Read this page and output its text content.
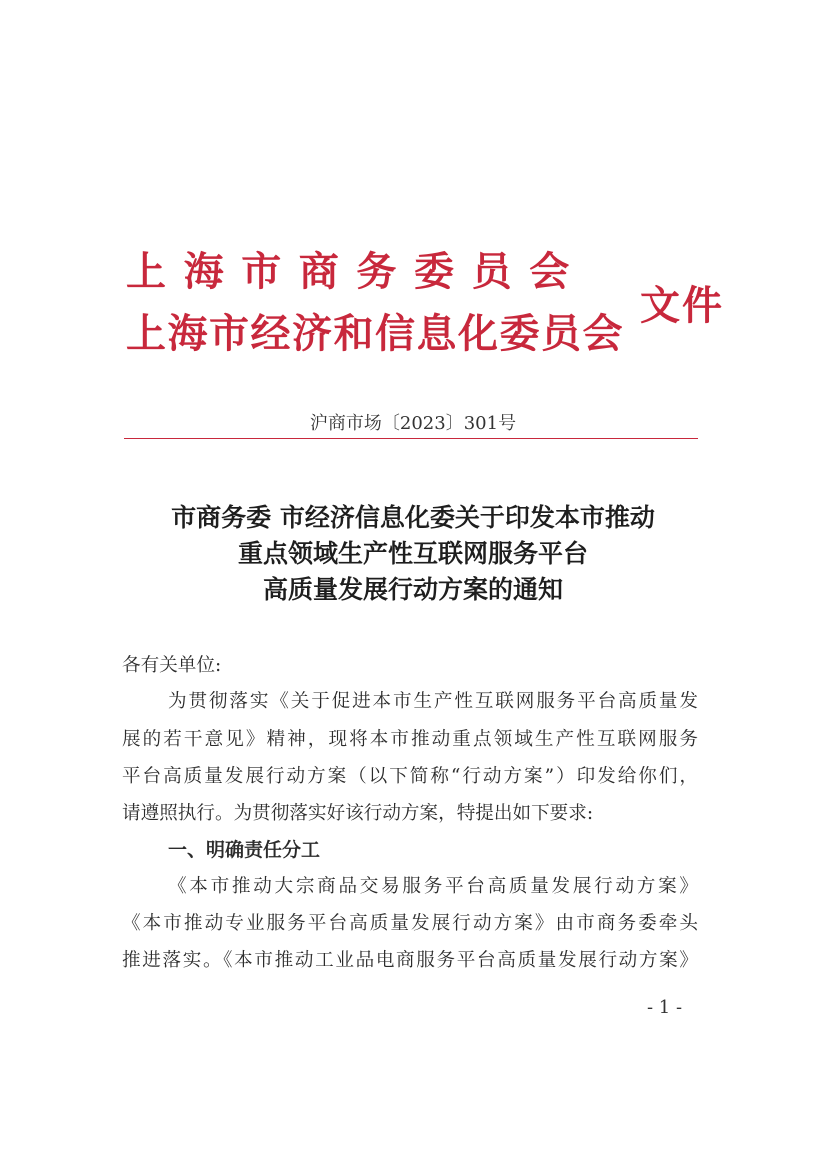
上海市商务委员会
上海市经济和信息化委员会
文件
沪商市场〔2023〕301号
市商务委 市经济信息化委关于印发本市推动
重点领域生产性互联网服务平台
高质量发展行动方案的通知
各有关单位:
为贯彻落实《关于促进本市生产性互联网服务平台高质量发
展的若干意见》精神，现将本市推动重点领域生产性互联网服务
平台高质量发展行动方案（以下简称“行动方案”）印发给你们，
请遵照执行。为贯彻落实好该行动方案，特提出如下要求:
一、明确责任分工
《本市推动大宗商品交易服务平台高质量发展行动方案》
《本市推动专业服务平台高质量发展行动方案》由市商务委牵头
推进落实。《本市推动工业品电商服务平台高质量发展行动方案》
- 1 -
